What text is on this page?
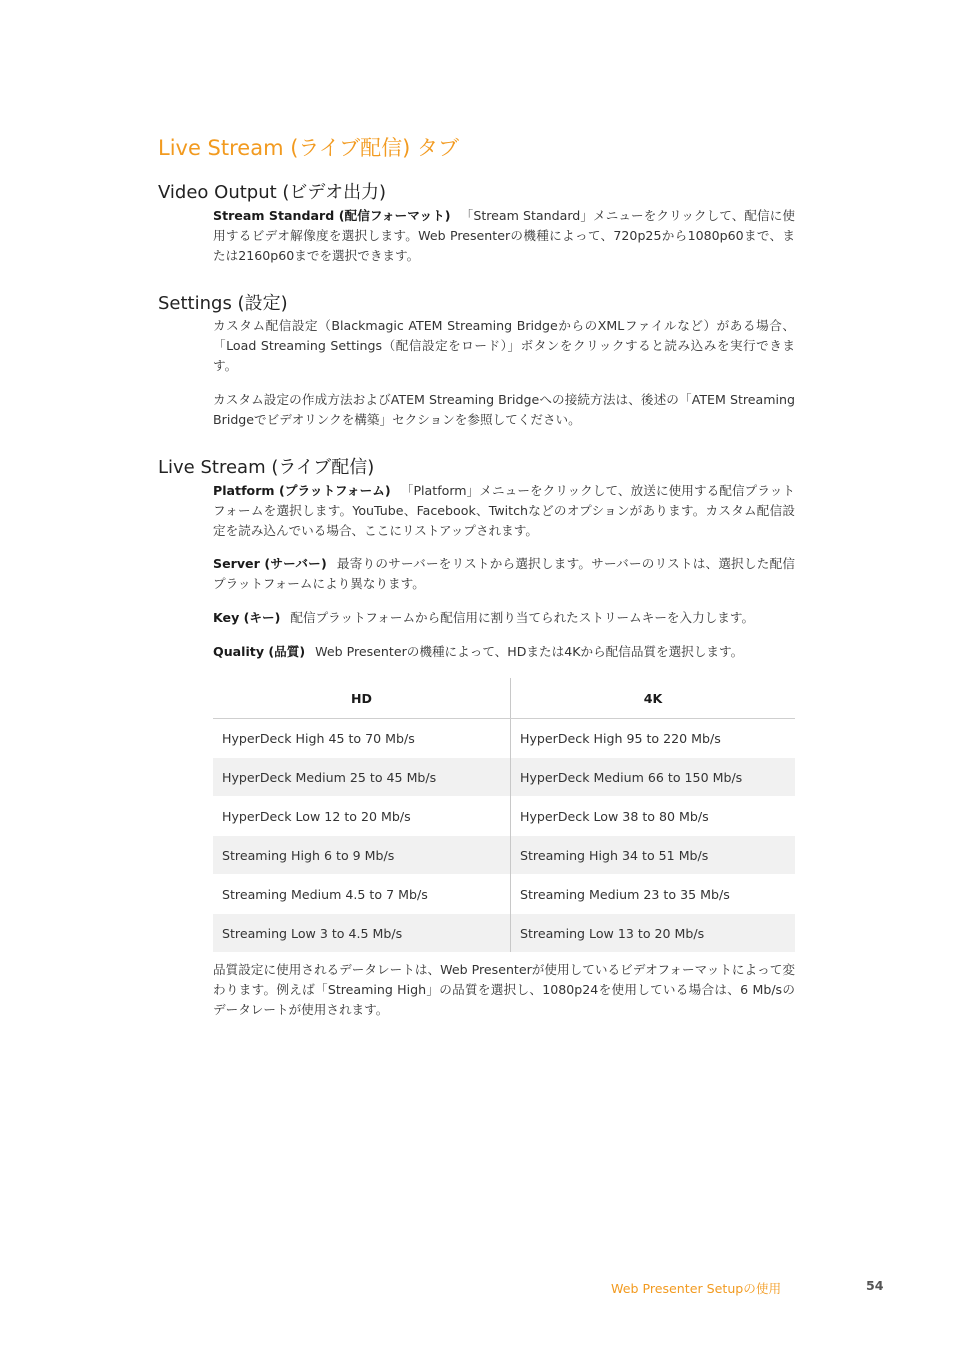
Live Stream (ライブ配信) タブ
Video Output (ビデオ出力)

Stream Standard (配信フォーマット) 「Stream Standard」メニューをクリックして、配信に使用するビデオ解像度を選択します。Web Presenterの機種によって、720p25から1080p60まで、または2160p60までを選択できます。

Settings (設定)

カスタム配信設定（Blackmagic ATEM Streaming BridgeからのXMLファイルなど）がある場合、「Load Streaming Settings（配信設定をロード）」ボタンをクリックすると読み込みを実行できます。

カスタム設定の作成方法およびATEM Streaming Bridgeへの接続方法は、後述の「ATEM Streaming Bridgeでビデオリンクを構築」セクションを参照してください。

Live Stream (ライブ配信)

Platform (プラットフォーム) 「Platform」メニューをクリックして、放送に使用する配信プラットフォームを選択します。YouTube、Facebook、Twitchなどのオプションがあります。カスタム配信設定を読み込んでいる場合、ここにリストアップされます。

Server (サーバー) 最寄りのサーバーをリストから選択します。サーバーのリストは、選択した配信プラットフォームにより異なります。

Key (キー) 配信プラットフォームから配信用に割り当てられたストリームキーを入力します。

Quality (品質) Web Presenterの機種によって、HDまたは4Kから配信品質を選択します。

HD	4K
HyperDeck High 45 to 70 Mb/s	HyperDeck High 95 to 220 Mb/s
HyperDeck Medium 25 to 45 Mb/s	HyperDeck Medium 66 to 150 Mb/s
HyperDeck Low 12 to 20 Mb/s	HyperDeck Low 38 to 80 Mb/s
Streaming High 6 to 9 Mb/s	Streaming High 34 to 51 Mb/s
Streaming Medium 4.5 to 7 Mb/s	Streaming Medium 23 to 35 Mb/s
Streaming Low 3 to 4.5 Mb/s	Streaming Low 13 to 20 Mb/s

品質設定に使用されるデータレートは、Web Presenterが使用しているビデオフォーマットによって変わります。例えば「Streaming High」の品質を選択し、1080p24を使用している場合は、6 Mb/sのデータレートが使用されます。

Web Presenter Setupの使用	54
